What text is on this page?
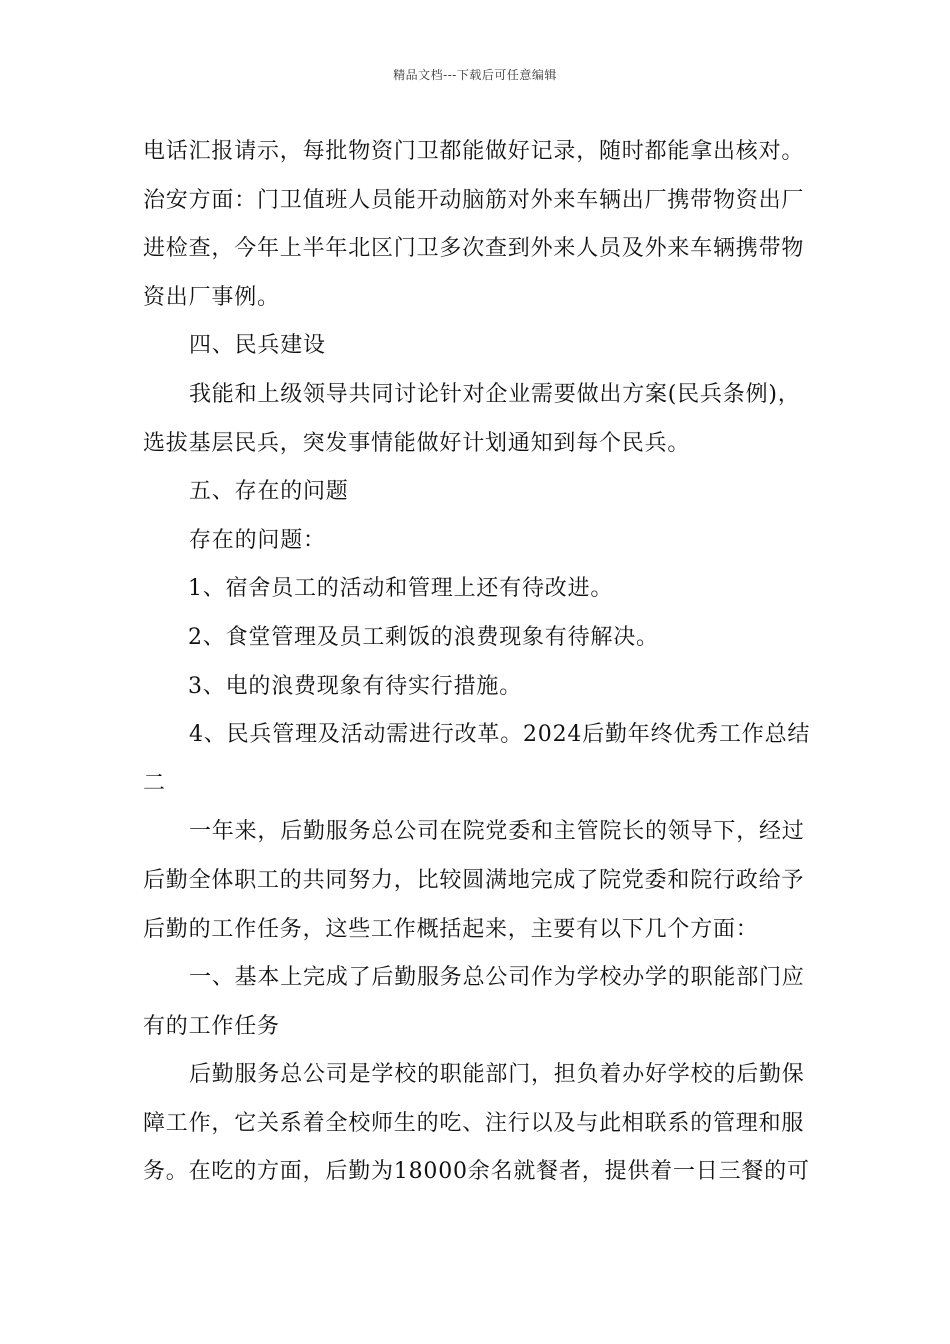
精品文档---下载后可任意编辑
电话汇报请示，每批物资门卫都能做好记录，随时都能拿出核对。
治安方面：门卫值班人员能开动脑筋对外来车辆出厂携带物资出厂
进检查，今年上半年北区门卫多次查到外来人员及外来车辆携带物
资出厂事例。
四、民兵建设
我能和上级领导共同讨论针对企业需要做出方案(民兵条例)，
选拔基层民兵，突发事情能做好计划通知到每个民兵。
五、存在的问题
存在的问题：
1、宿舍员工的活动和管理上还有待改进。
2、食堂管理及员工剩饭的浪费现象有待解决。
3、电的浪费现象有待实行措施。
4、民兵管理及活动需进行改革。2024后勤年终优秀工作总结
二
一年来，后勤服务总公司在院党委和主管院长的领导下，经过
后勤全体职工的共同努力，比较圆满地完成了院党委和院行政给予
后勤的工作任务，这些工作概括起来，主要有以下几个方面：
一、基本上完成了后勤服务总公司作为学校办学的职能部门应
有的工作任务
后勤服务总公司是学校的职能部门，担负着办好学校的后勤保
障工作，它关系着全校师生的吃、注行以及与此相联系的管理和服
务。在吃的方面，后勤为18000余名就餐者，提供着一日三餐的可
